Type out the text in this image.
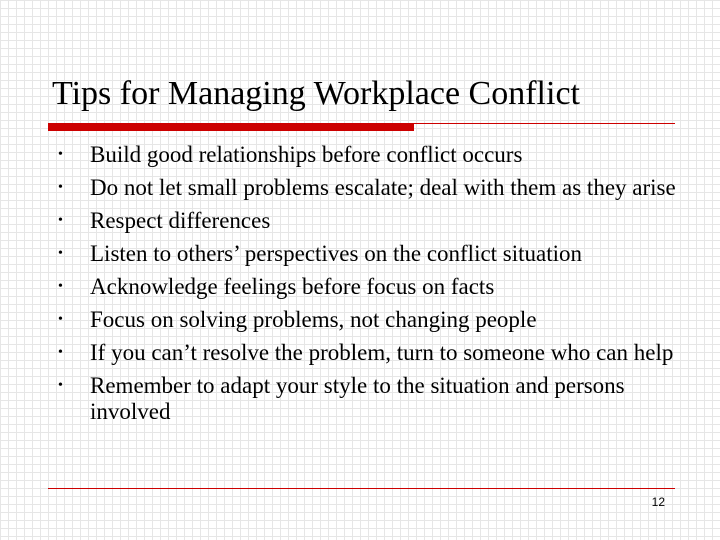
Tips for Managing Workplace Conflict
• Build good relationships before conflict occurs
• Do not let small problems escalate; deal with them as they arise
• Respect differences
• Listen to others’ perspectives on the conflict situation
• Acknowledge feelings before focus on facts
• Focus on solving problems, not changing people
• If you can’t resolve the problem, turn to someone who can help
• Remember to adapt your style to the situation and persons involved
12
